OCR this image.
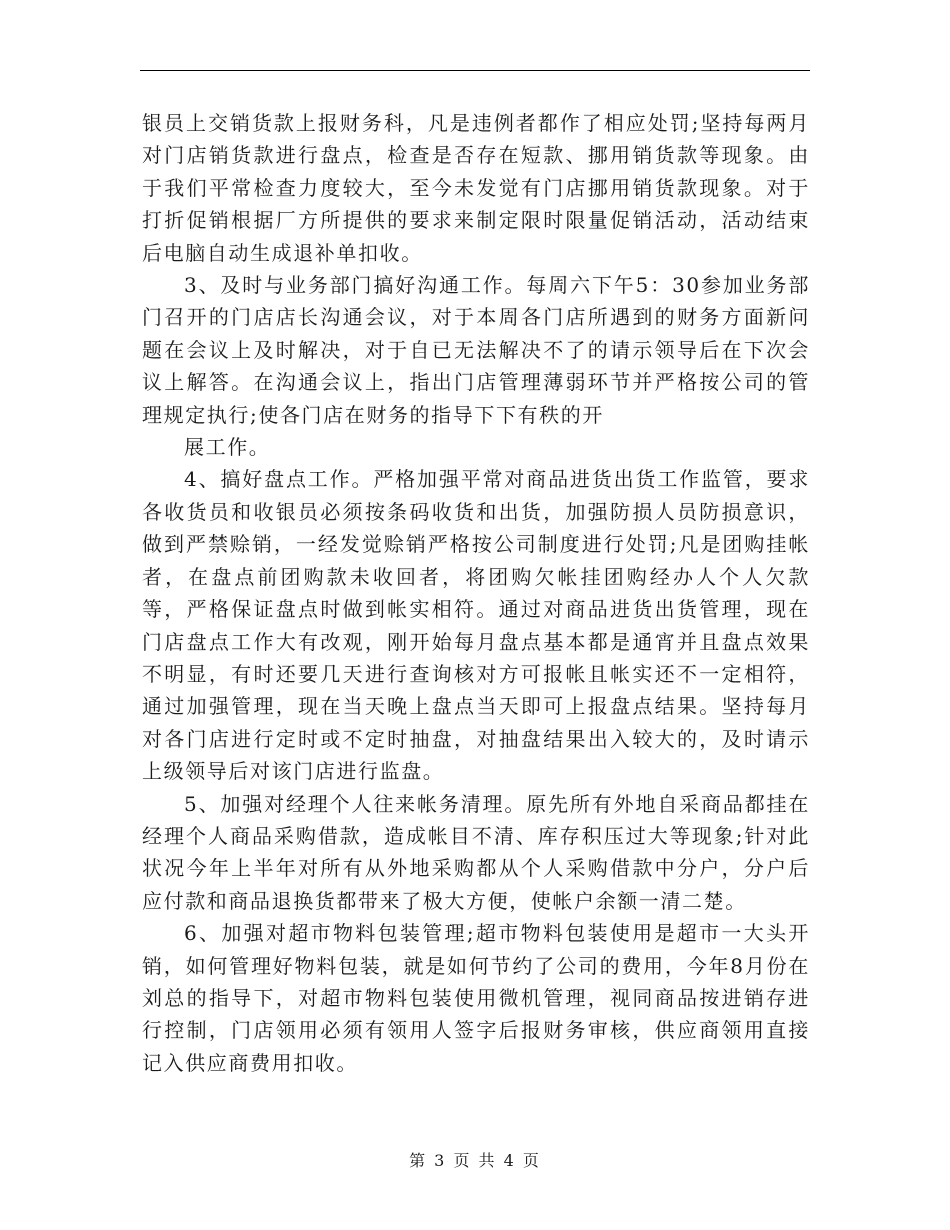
银员上交销货款上报财务科，凡是违例者都作了相应处罚;坚持每两月对门店销货款进行盘点，检查是否存在短款、挪用销货款等现象。由于我们平常检查力度较大，至今未发觉有门店挪用销货款现象。对于打折促销根据厂方所提供的要求来制定限时限量促销活动，活动结束后电脑自动生成退补单扣收。

3、及时与业务部门搞好沟通工作。每周六下午5：30参加业务部门召开的门店店长沟通会议，对于本周各门店所遇到的财务方面新问题在会议上及时解决，对于自已无法解决不了的请示领导后在下次会议上解答。在沟通会议上，指出门店管理薄弱环节并严格按公司的管理规定执行;使各门店在财务的指导下下有秩的开

展工作。

4、搞好盘点工作。严格加强平常对商品进货出货工作监管，要求各收货员和收银员必须按条码收货和出货，加强防损人员防损意识，做到严禁赊销，一经发觉赊销严格按公司制度进行处罚;凡是团购挂帐者，在盘点前团购款未收回者，将团购欠帐挂团购经办人个人欠款等，严格保证盘点时做到帐实相符。通过对商品进货出货管理，现在门店盘点工作大有改观，刚开始每月盘点基本都是通宵并且盘点效果不明显，有时还要几天进行查询核对方可报帐且帐实还不一定相符，通过加强管理，现在当天晚上盘点当天即可上报盘点结果。坚持每月对各门店进行定时或不定时抽盘，对抽盘结果出入较大的，及时请示上级领导后对该门店进行监盘。

5、加强对经理个人往来帐务清理。原先所有外地自采商品都挂在经理个人商品采购借款，造成帐目不清、库存积压过大等现象;针对此状况今年上半年对所有从外地采购都从个人采购借款中分户，分户后应付款和商品退换货都带来了极大方便，使帐户余额一清二楚。

6、加强对超市物料包装管理;超市物料包装使用是超市一大头开销，如何管理好物料包装，就是如何节约了公司的费用，今年8月份在刘总的指导下，对超市物料包装使用微机管理，视同商品按进销存进行控制，门店领用必须有领用人签字后报财务审核，供应商领用直接记入供应商费用扣收。

第 3 页 共 4 页
